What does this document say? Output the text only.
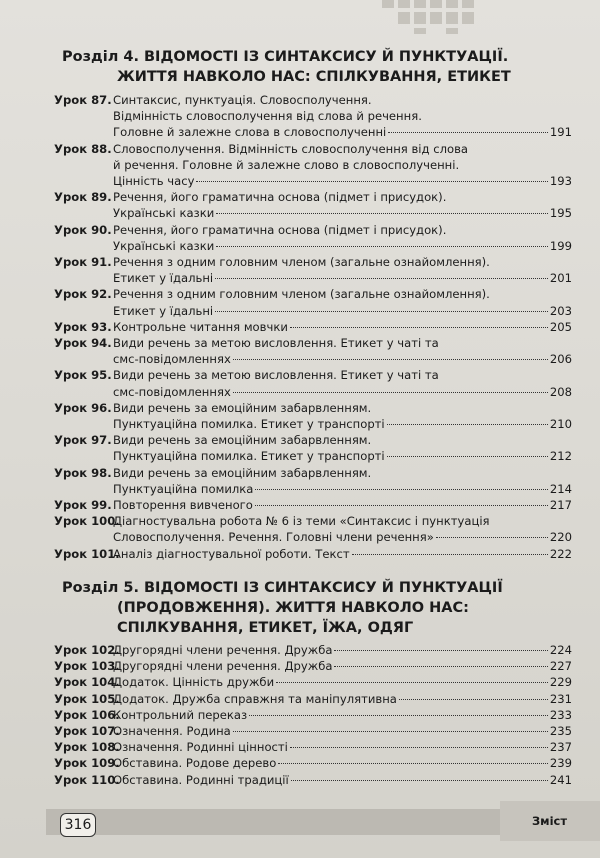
Розділ 4. ВІДОМОСТІ ІЗ СИНТАКСИСУ Й ПУНКТУАЦІЇ.
ЖИТТЯ НАВКОЛО НАС: СПІЛКУВАННЯ, ЕТИКЕТ
Урок 87. Синтаксис, пунктуація. Словосполучення.
Відмінність словосполучення від слова й речення.
Головне й залежне слова в словосполученні	191
Урок 88. Словосполучення. Відмінність словосполучення від слова
й речення. Головне й залежне слово в словосполученні.
Цінність часу	193
Урок 89. Речення, його граматична основа (підмет і присудок).
Українські казки	195
Урок 90. Речення, його граматична основа (підмет і присудок).
Українські казки	199
Урок 91. Речення з одним головним членом (загальне ознайомлення).
Етикет у їдальні	201
Урок 92. Речення з одним головним членом (загальне ознайомлення).
Етикет у їдальні	203
Урок 93. Контрольне читання мовчки	205
Урок 94. Види речень за метою висловлення. Етикет у чаті та
смс-повідомленнях	206
Урок 95. Види речень за метою висловлення. Етикет у чаті та
смс-повідомленнях	208
Урок 96. Види речень за емоційним забарвленням.
Пунктуаційна помилка. Етикет у транспорті	210
Урок 97. Види речень за емоційним забарвленням.
Пунктуаційна помилка. Етикет у транспорті	212
Урок 98. Види речень за емоційним забарвленням.
Пунктуаційна помилка	214
Урок 99. Повторення вивченого	217
Урок 100.
Діагностувальна робота № 6 із теми «Синтаксис і пунктуація
Словосполучення. Речення. Головні члени речення»	220
Урок 101.
Аналіз діагностувальної роботи. Текст	222
Розділ 5. ВІДОМОСТІ ІЗ СИНТАКСИСУ Й ПУНКТУАЦІЇ
(ПРОДОВЖЕННЯ). ЖИТТЯ НАВКОЛО НАС:
СПІЛКУВАННЯ, ЕТИКЕТ, ЇЖА, ОДЯГ
Урок 102.
Другорядні члени речення. Дружба	224
Урок 103.
Другорядні члени речення. Дружба	227
Урок 104.
Додаток. Цінність дружби	229
Урок 105.
Додаток. Дружба справжня та маніпулятивна	231
Урок 106.
Контрольний переказ	233
Урок 107.
Означення. Родина	235
Урок 108.
Означення. Родинні цінності	237
Урок 109.
Обставина. Родове дерево	239
Урок 110.
Обставина. Родинні традиції	241
316	Зміст
